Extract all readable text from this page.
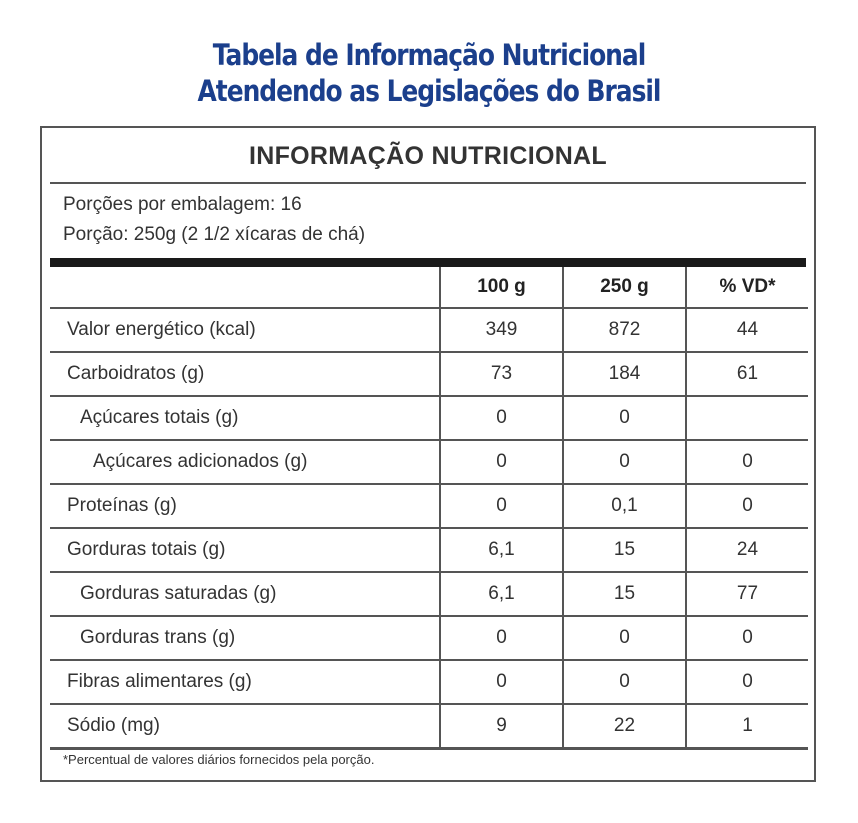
Tabela de Informação Nutricional
Atendendo as Legislações do Brasil
INFORMAÇÃO NUTRICIONAL
Porções por embalagem: 16
Porção: 250g (2 1/2 xícaras de chá)
	100 g	250 g	% VD*
Valor energético (kcal)	349	872	44
Carboidratos (g)	73	184	61
Açúcares totais (g)	0	0	
Açúcares adicionados (g)	0	0	0
Proteínas (g)	0	0,1	0
Gorduras totais (g)	6,1	15	24
Gorduras saturadas (g)	6,1	15	77
Gorduras trans (g)	0	0	0
Fibras alimentares (g)	0	0	0
Sódio (mg)	9	22	1
*Percentual de valores diários fornecidos pela porção.
